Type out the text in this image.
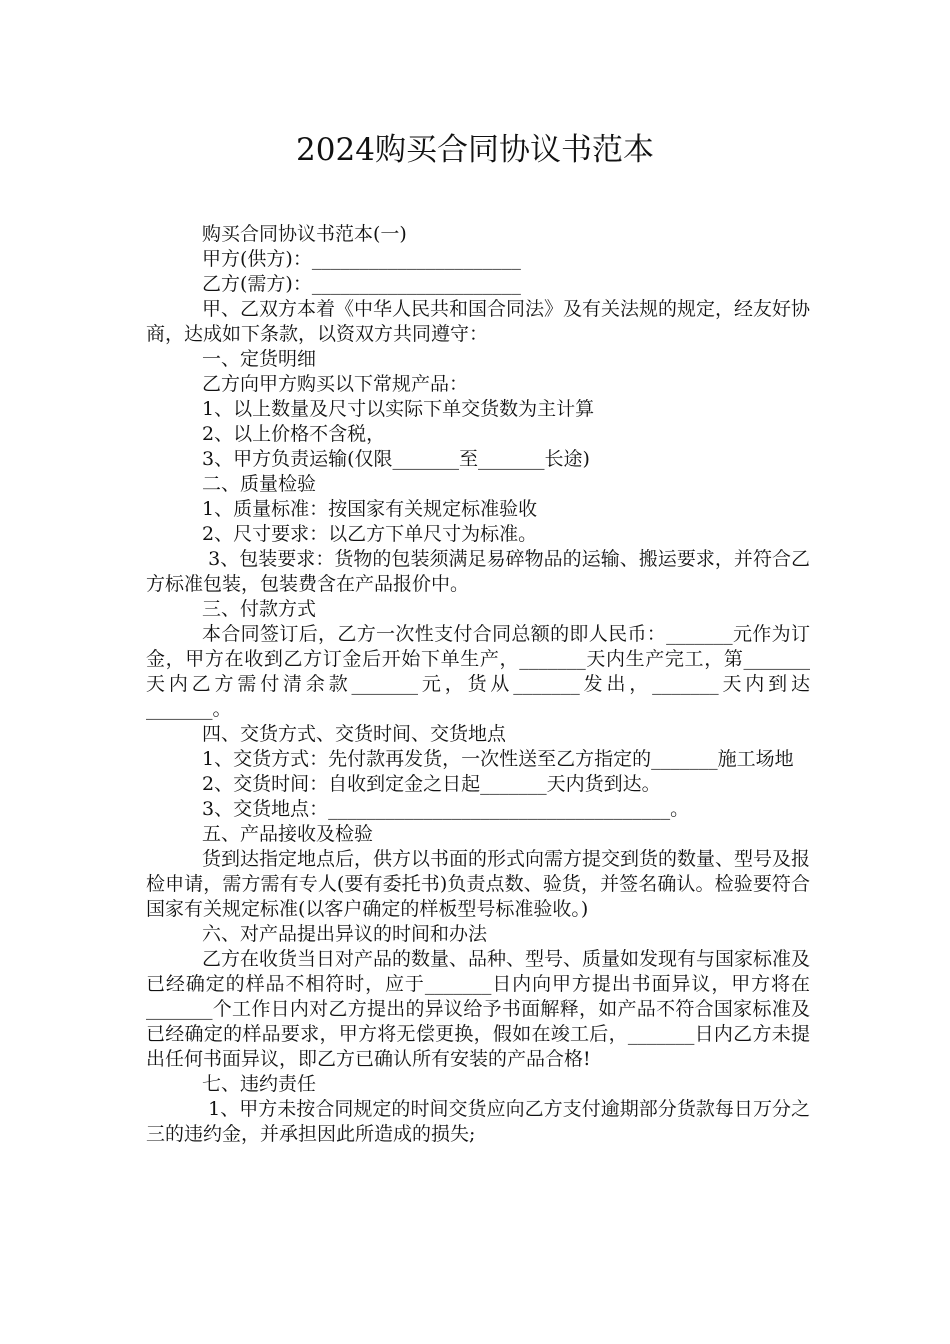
2024购买合同协议书范本

购买合同协议书范本(一)

甲方(供方)：______________________

乙方(需方)：______________________

甲、乙双方本着《中华人民共和国合同法》及有关法规的规定，经友好协商，达成如下条款，以资双方共同遵守：

一、定货明细

乙方向甲方购买以下常规产品：

1、以上数量及尺寸以实际下单交货数为主计算

2、以上价格不含税，

3、甲方负责运输(仅限_______至_______长途)

二、质量检验

1、质量标准：按国家有关规定标准验收

2、尺寸要求：以乙方下单尺寸为标准。

3、包装要求：货物的包装须满足易碎物品的运输、搬运要求，并符合乙方标准包装，包装费含在产品报价中。

三、付款方式

本合同签订后，乙方一次性支付合同总额的即人民币：_______元作为订金，甲方在收到乙方订金后开始下单生产，_______天内生产完工，第_______天内乙方需付清余款_______元，货从_______发出，_______天内到达_______。

四、交货方式、交货时间、交货地点

1、交货方式：先付款再发货，一次性送至乙方指定的_______施工场地

2、交货时间：自收到定金之日起_______天内货到达。

3、交货地点：____________________________________。

五、产品接收及检验

货到达指定地点后，供方以书面的形式向需方提交到货的数量、型号及报检申请，需方需有专人(要有委托书)负责点数、验货，并签名确认。检验要符合国家有关规定标准(以客户确定的样板型号标准验收。)

六、对产品提出异议的时间和办法

乙方在收货当日对产品的数量、品种、型号、质量如发现有与国家标准及已经确定的样品不相符时，应于_______日内向甲方提出书面异议，甲方将在_______个工作日内对乙方提出的异议给予书面解释，如产品不符合国家标准及已经确定的样品要求，甲方将无偿更换，假如在竣工后，_______日内乙方未提出任何书面异议，即乙方已确认所有安装的产品合格!

七、违约责任

1、甲方未按合同规定的时间交货应向乙方支付逾期部分货款每日万分之三的违约金，并承担因此所造成的损失;
